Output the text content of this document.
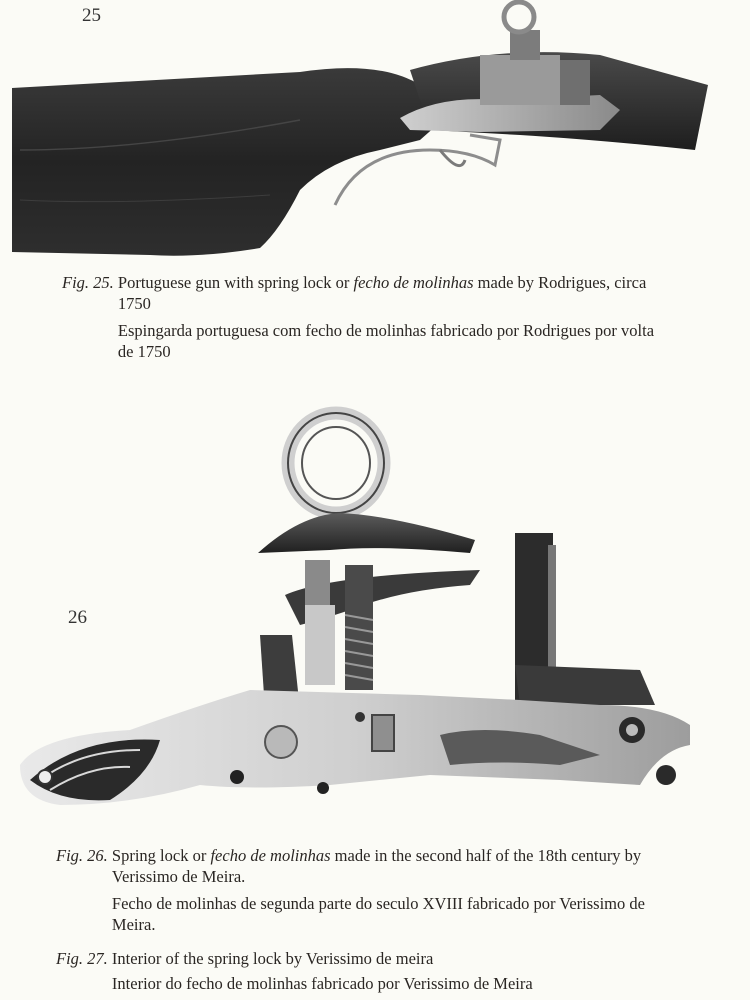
25
Fig. 25.
Portuguese gun with spring lock or fecho de molinhas made by Rodrigues, circa 1750
Espingarda portuguesa com fecho de molinhas fabricado por Rodrigues por volta de 1750
26
Fig. 26.
Spring lock or fecho de molinhas made in the second half of the 18th century by Verissimo de Meira.
Fecho de molinhas de segunda parte do seculo XVIII fabricado por Verissimo de Meira.
Fig. 27.
Interior of the spring lock by Verissimo de meira
Interior do fecho de molinhas fabricado por Verissimo de Meira
